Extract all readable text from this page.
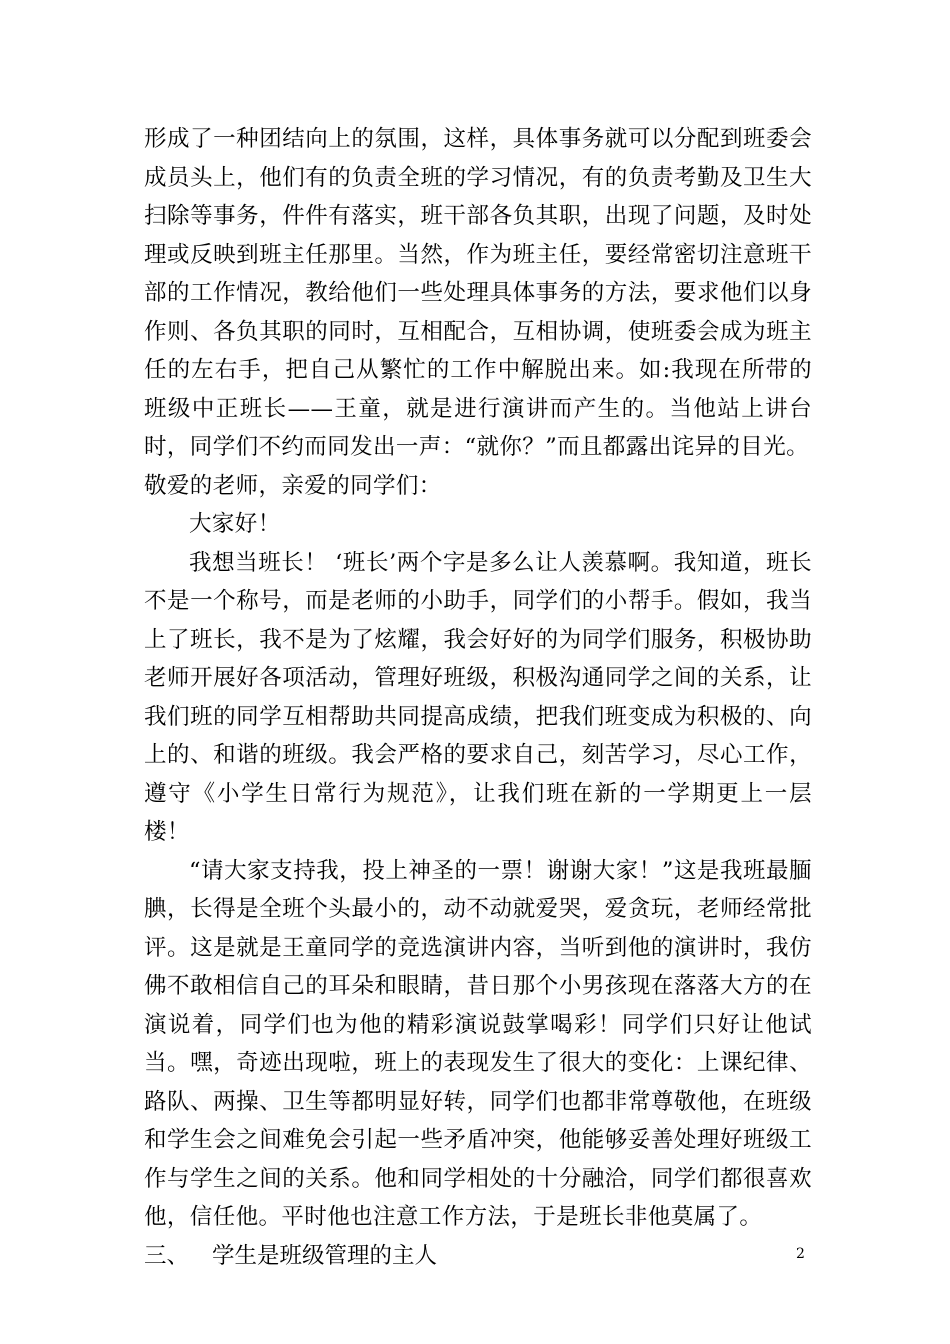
形成了一种团结向上的氛围，这样，具体事务就可以分配到班委会成员头上，他们有的负责全班的学习情况，有的负责考勤及卫生大扫除等事务，件件有落实，班干部各负其职，出现了问题，及时处理或反映到班主任那里。当然，作为班主任，要经常密切注意班干部的工作情况，教给他们一些处理具体事务的方法，要求他们以身作则、各负其职的同时，互相配合，互相协调，使班委会成为班主任的左右手，把自己从繁忙的工作中解脱出来。如:我现在所带的班级中正班长——王童，就是进行演讲而产生的。当他站上讲台时，同学们不约而同发出一声：“就你？”而且都露出诧异的目光。

敬爱的老师，亲爱的同学们：

大家好！

我想当班长！ ‘班长’两个字是多么让人羡慕啊。我知道，班长不是一个称号，而是老师的小助手，同学们的小帮手。假如，我当上了班长，我不是为了炫耀，我会好好的为同学们服务，积极协助老师开展好各项活动，管理好班级，积极沟通同学之间的关系，让我们班的同学互相帮助共同提高成绩，把我们班变成为积极的、向上的、和谐的班级。我会严格的要求自己，刻苦学习，尽心工作，遵守《小学生日常行为规范》，让我们班在新的一学期更上一层楼！

“请大家支持我，投上神圣的一票！谢谢大家！”这是我班最腼腆，长得是全班个头最小的，动不动就爱哭，爱贪玩，老师经常批评。这是就是王童同学的竞选演讲内容，当听到他的演讲时，我仿佛不敢相信自己的耳朵和眼睛，昔日那个小男孩现在落落大方的在演说着，同学们也为他的精彩演说鼓掌喝彩！同学们只好让他试当。嘿，奇迹出现啦，班上的表现发生了很大的变化：上课纪律、路队、两操、卫生等都明显好转，同学们也都非常尊敬他，在班级和学生会之间难免会引起一些矛盾冲突，他能够妥善处理好班级工作与学生之间的关系。他和同学相处的十分融洽，同学们都很喜欢他，信任他。平时他也注意工作方法，于是班长非他莫属了。

三、	学生是班级管理的主人	2
